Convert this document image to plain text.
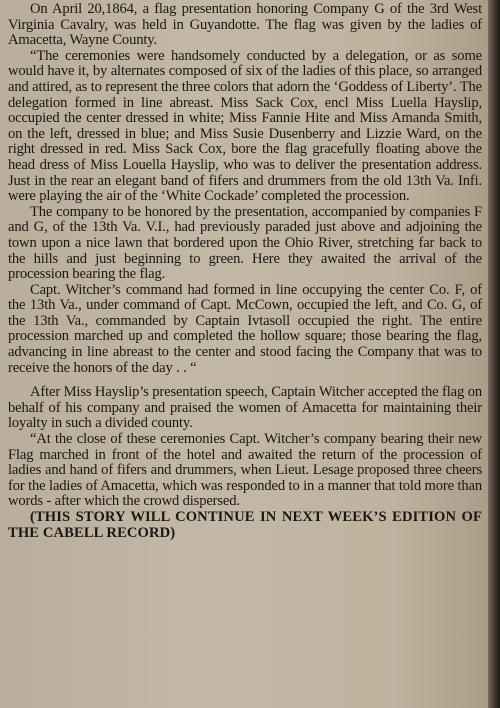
On April 20,1864, a flag presentation honoring Company G of the 3rd West Virginia Cavalry, was held in Guyandotte. The flag was given by the ladies of Amacetta, Wayne County.

“The ceremonies were handsomely conducted by a delegation, or as some would have it, by alternates composed of six of the ladies of this place, so arranged and attired, as to represent the three colors that adorn the ‘Goddess of Liberty’. The delegation formed in line abreast. Miss Sack Cox, encl Miss Luella Hayslip, occupied the center dressed in white; Miss Fannie Hite and Miss Amanda Smith, on the left, dressed in blue; and Miss Susie Dusenberry and Lizzie Ward, on the right dressed in red. Miss Sack Cox, bore the flag gracefully floating above the head dress of Miss Louella Hayslip, who was to deliver the presentation address. Just in the rear an elegant band of fifers and drummers from the old 13th Va. Infi. were playing the air of the ‘White Cockade’ completed the procession.

The company to be honored by the presentation, accompanied by companies F and G, of the 13th Va. V.I., had previously paraded just above and adjoining the town upon a nice lawn that bordered upon the Ohio River, stretching far back to the hills and just beginning to green. Here they awaited the arrival of the procession bearing the flag.

Capt. Witcher’s command had formed in line occupying the center Co. F, of the 13th Va., under command of Capt. McCown, occupied the left, and Co. G, of the 13th Va., commanded by Captain Ivtasoll occupied the right. The entire procession marched up and completed the hollow square; those bearing the flag, advancing in line abreast to the center and stood facing the Company that was to receive the honors of the day . . “

After Miss Hayslip’s presentation speech, Captain Witcher accepted the flag on behalf of his company and praised the women of Amacetta for maintaining their loyalty in such a divided county.

“At the close of these ceremonies Capt. Witcher’s company bearing their new Flag marched in front of the hotel and awaited the return of the procession of ladies and hand of fifers and drummers, when Lieut. Lesage proposed three cheers for the ladies of Amacetta, which was responded to in a manner that told more than words - after which the crowd dispersed.

(THIS STORY WILL CONTINUE IN NEXT WEEK’S EDITION OF THE CABELL RECORD)
